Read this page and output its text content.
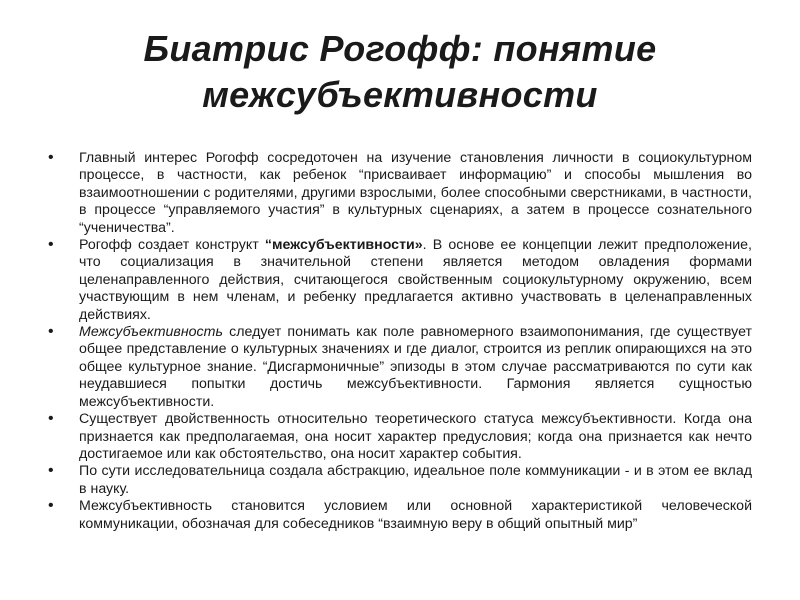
Биатрис Рогофф: понятие
межсубъективности

• Главный интерес Рогофф сосредоточен на изучение становления личности в социокультурном процессе, в частности, как ребенок “присваивает информацию” и способы мышления во взаимоотношении с родителями, другими взрослыми, более способными сверстниками, в частности, в процессе “управляемого участия” в культурных сценариях, а затем в процессе сознательного “ученичества”.

• Рогофф создает конструкт “межсубъективности». В основе ее концепции лежит предположение, что социализация в значительной степени является методом овладения формами целенаправленного действия, считающегося свойственным социокультурному окружению, всем участвующим в нем членам, и ребенку предлагается активно участвовать в целенаправленных действиях.

• Межсубъективность следует понимать как поле равномерного взаимопонимания, где существует общее представление о культурных значениях и где диалог, строится из реплик опирающихся на это общее культурное знание. “Дисгармоничные” эпизоды в этом случае рассматриваются по сути как неудавшиеся попытки достичь межсубъективности. Гармония является сущностью межсубъективности.

• Существует двойственность относительно теоретического статуса межсубъективности. Когда она признается как предполагаемая, она носит характер предусловия; когда она признается как нечто достигаемое или как обстоятельство, она носит характер события.

• По сути исследовательница создала абстракцию, идеальное поле коммуникации - и в этом ее вклад в науку.

• Межсубъективность становится условием или основной характеристикой человеческой коммуникации, обозначая для собеседников “взаимную веру в общий опытный мир”
